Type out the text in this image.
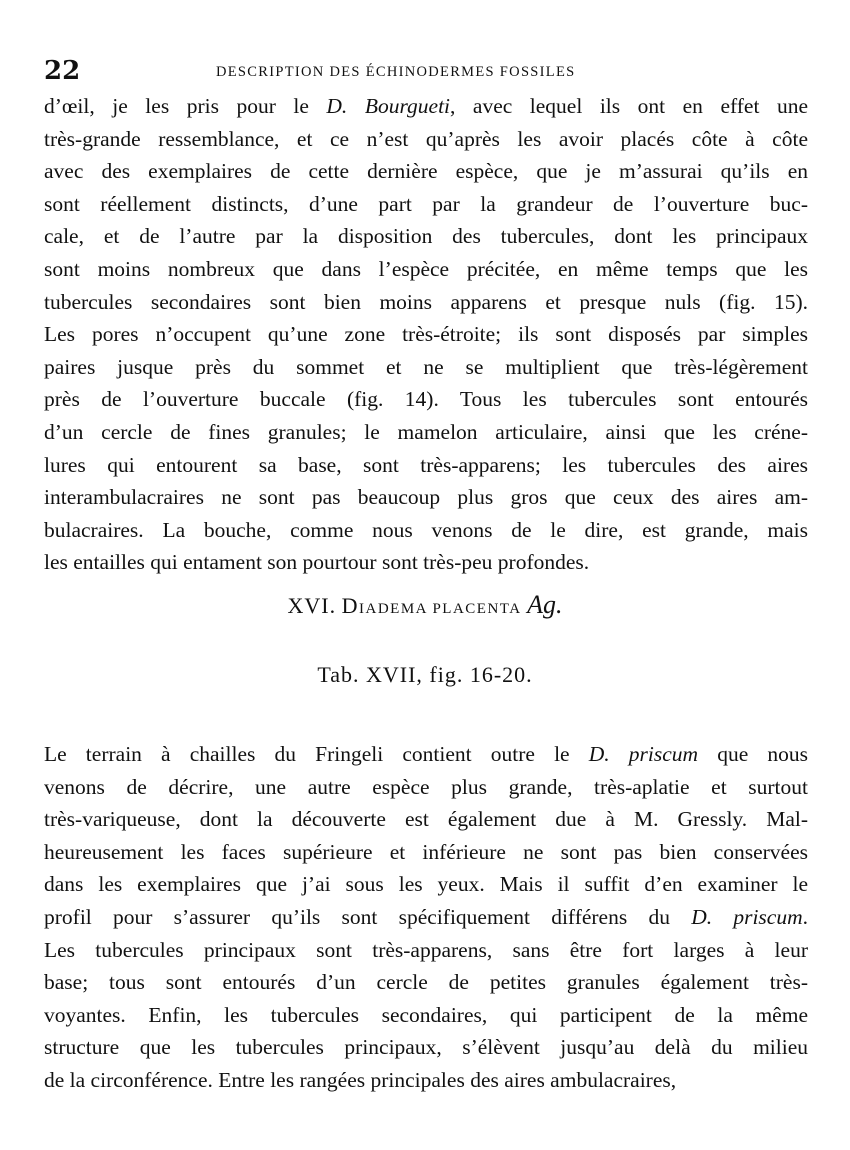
22	DESCRIPTION DES ÉCHINODERMES FOSSILES
d’œil, je les pris pour le D. Bourgueti, avec lequel ils ont en effet une
très-grande ressemblance, et ce n’est qu’après les avoir placés côte à côte
avec des exemplaires de cette dernière espèce, que je m’assurai qu’ils en
sont réellement distincts, d’une part par la grandeur de l’ouverture buc-
cale, et de l’autre par la disposition des tubercules, dont les principaux
sont moins nombreux que dans l’espèce précitée, en même temps que les
tubercules secondaires sont bien moins apparens et presque nuls (fig. 15).
Les pores n’occupent qu’une zone très-étroite; ils sont disposés par simples
paires jusque près du sommet et ne se multiplient que très-légèrement
près de l’ouverture buccale (fig. 14). Tous les tubercules sont entourés
d’un cercle de fines granules; le mamelon articulaire, ainsi que les créne-
lures qui entourent sa base, sont très-apparens; les tubercules des aires
interambulacraires ne sont pas beaucoup plus gros que ceux des aires am-
bulacraires. La bouche, comme nous venons de le dire, est grande, mais
les entailles qui entament son pourtour sont très-peu profondes.
XVI. DIADEMA PLACENTA Ag.
Tab. XVII, fig. 16-20.
Le terrain à chailles du Fringeli contient outre le D. priscum que nous
venons de décrire, une autre espèce plus grande, très-aplatie et surtout
très-variqueuse, dont la découverte est également due à M. Gressly. Mal-
heureusement les faces supérieure et inférieure ne sont pas bien conservées
dans les exemplaires que j’ai sous les yeux. Mais il suffit d’en examiner le
profil pour s’assurer qu’ils sont spécifiquement différens du D. priscum.
Les tubercules principaux sont très-apparens, sans être fort larges à leur
base; tous sont entourés d’un cercle de petites granules également très-
voyantes. Enfin, les tubercules secondaires, qui participent de la même
structure que les tubercules principaux, s’élèvent jusqu’au delà du milieu
de la circonférence. Entre les rangées principales des aires ambulacraires,
